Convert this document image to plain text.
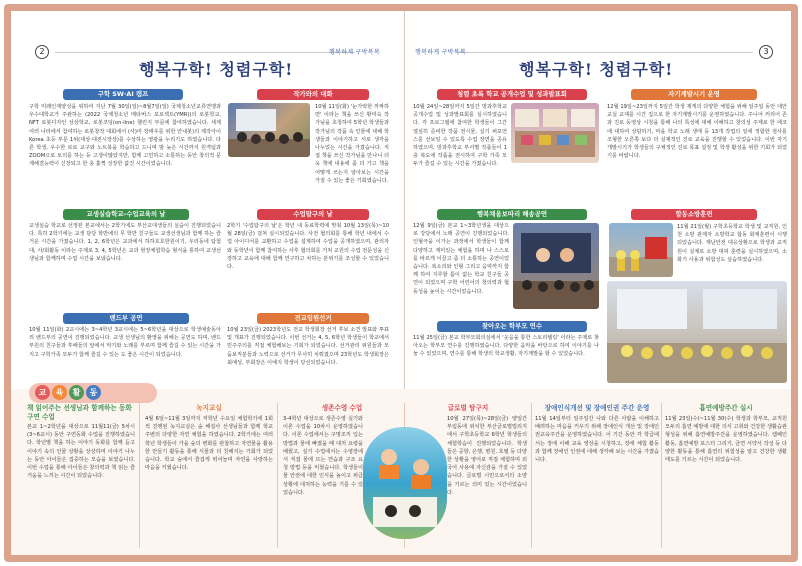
2	행복하게 구박복복
행복구학! 청렴구학!
3
행복하게 구박복복
행복구학! 청렴구학!
구학 SW·AI 캠프
구학 미래인재양성을 위하여 지난 7월 30일(일)~8월7일(일) 국제청소년교류연맹과 우수대학교가 주관하는 (2022 국제청소년 메타버스 포로젝트(YMR))의 로봇학교, NFT 로봇디자인 상상학교, 로봇코딩(on-line) 챌린지 부문에 참여하였습니다. 세계 여러 나라에서 참여하는 로봇창작 대회에서 (사)미 장애우를 위한 안내봇)의 제작아이 Korea 초등 부문 1위(대상·대전시장상)를 수상하는 영광을 누리기도 하였습니다. 다른 학생, 우수한 로로 교구와 노트북을 학습하고 드니며 밤 늦은 시간까지 원격팀과 ZOOM으로 토의를 하는 등 고생이많았지만, 함께 고민하고 소통하는 동안 창의적 문제해결능력이 신장되고 한 층 훌쩍 성장한 값진 시간이었습니다.
작가와의 대화
10월 11일(화) '눈가락한 까짜하면' 이라는 책을 쓰신 황미숙 작가님을 초청하여 5학년 학생들과 작가님의 작품 속 인물에 대해 학생들과 이야기하고 서로 생각을 나누었는 시간을 가졌습니다. 직접 책을 쓰신 작가님을 만나니 더욱 책에 내용에 좀 더 가고 책을 어떻게 쓰는지 알아보는 시간을 가질 수 있는 좋은 기회였습니다.
교생실습학교-수업교육의 날
교생실습 학교로 선정된 본교에서는 2학기에도 부산교대생들의 실습이 진행되었습니다. 특히 2학기에는 교생 담당 학반에의 무 학반 친구들도 교생선생님과 함께 하는 즐거운 시간을 가졌습니다. 1, 2, 6학년은 교과에서 하하호호한원이기, 우리동네 탐험대, 사/회활동 이라는 주제로 3, 4, 5학년은 교과 현장체험학습 형식을 통하여 교생선생님과 함께하며 수업 시간을 보냈습니다.
수업탐구의 날
2학기 '수업탐구의 날'은 학년 내 동료학력에 맞춰 10월 13일(목)~10월 28일(금) 걸쳐 실시되었습니다. 사전 협의회를 통해 학년 내에서 수업 아이디어를 교환하고 수업을 설계하여 수업을 공개하였으며, 관리자와 동학년이 함께 참여하는 사후 협의회를 거쳐 교원의 수업 전문성을 신장하고 교육에 대해 함께 연구하고 차하는 분위기를 조성할 수 있었습니다.
밴드부 공연
10월 11일(화) 2교시에는 3~4학년 3교시에는 5~6학년을 대상으로 학생예술동아리 밴드부의 공연이 진행되었습니다. 교생 선생님의 환영을 위해는 공연도 하며, 밴드부원의 친구들과 후배들의 앞에서 악기와 노래를 부르며 함께 즐길 수 있는 시간을 가지고 구학가족 모두가 함께 즐길 수 있는 도 좋은 시간이 되었습니다.
전교임원선거
10월 23일(금) 2023학년도 전교 학생회장 선거 후보 소견 발표와 투표 및 개표가 진행되었습니다. 이번 선거는 4, 5, 6학년 학생들이 학교에서 민주주의를 직접 체험해보는 기회가 되었습니다. 선거관리 위원들과 모둠보직분들과 노력으로 선거가 무사히 치뤄졌으며 23학년도 학생회장은 최예성, 부회장은 이예지 학생이 당선되었습니다.
청렴 초록 학교 공개수업 및 성과발표회
10월 24일~28일까지 5일간 방과후학교 공개수업 및 성과발표회를 실시하였습니다. 각 프로그램에 참여한 학생들이 그간 열심히 준비한 작품 전시물, 실기 퍼포먼스를 선보일 수 있도록 수업 장면을 공유하였으며, 방과후학교 부서별 작품들이 1층 복도에 작품을 전시하여 구학 가족 모두가 즐길 수 있는 시간을 가졌습니다.
자기계발시기 운영
12월 19일~23일까지 5일간 학생 제게의 다양한 체험을 위해 일주일 동안 대안 교실 교재를 시간 집으로 한 자기계발시기를 운영하였습니다. 주니어 커리어 존과 진로 동영상 시청을 통해 나의 특성에 대해 이해하고 창의성 주제로 한 에코 에 대하여 상담하기, 마을 학교 노래 생태 등 13개 작업의 일에 적합한 검사를 조형한 오른쪽 보다 더 실제적인 진로 교육을 진행할 수 있었습니다. 이번 자기개발시기가 학생들의 구체적인 진로 목표 설정 및 학생 활성을 위한 기회가 되었기를 바랍니다.
행복채움보따리 해송공연
12월 9일(금) 본교 1~3학년생을 대상으로 강당에서 노래 공연이 진행되었습니다. 인형극을 이가는 과정에서 학생들이 함께 다양하고 재미있는 체험을 하며 나 스스로를 바르게 이끌고 좀 더 소통하는 공연이었습니다. 복소리와 인형 그리고 음악까지 함께 하여 지루할 틈이 없는 학교 친구들 공연이 되었으며 구학 어린이의 창의력과 협동성을 높이는 시간이었습니다.
합동소방훈련
11월 21일(월) 구학초등학교 학생 및 교직원, 인천 소방 관계자 소방학교 합동 화재훈련이 시행되었습니다. 재난안전 대응상황으로 학생과 교직원이 실제로 소방 대피 훈련을 실시하였으며, 소화기 사용과 위험성도 실습하였습니다.
찾아오는 학부모 연수
11월 25일(금) 본교 학부모회의실에서 '웃음을 통한 스토리텔링' 이라는 주제로 찾아오는 학부모 연수를 진행하였습니다. 다양한 음악을 바탕으로 하여 이야기를 나눌 수 있었으며, 연수를 통해 학생의 학교생활, 자기계발을 할 수 있었습니다.
교	육	활	동
책 읽어주는 선생님과 함께하는 동화구연 수업
본교 1~2학년을 대상으로 11월11(금) 5차시(3~6교시) 동안 구연동화 수업을 진행하였습니다. 학년별 책을 하는 이야기 동화를 함께 듣고 이야기 속의 인물 상황을 상상하며 이야기 나누는 동안 아이들은 집중하는 모습을 보였습니다. 이번 수업을 통해 아이들은 창의력과 책 읽는 즐거움을 느끼는 시간이 되었습니다.
녹지교실
4월 6일~11월 3일까지 저학년 수요일 체험학기에 1회씩 진행된 녹지교실은 숲 해설사 선생님들과 함께 학교 주변의 다양한 자연 체험을 하였습니다. 2학기에는 여러 학년 학생들이 가을 숲의 변화를 관찰하고 자연물을 활용한 만들기 활동을 통해 식물과 더 친해지는 기회가 되었습니다. 학교 숲에서 즐겁게 뛰어놀며 자연을 사랑하는 마음을 키웠습니다.
생존수영 수업
3-4학년 대상으로 생존수영 실기와 이론 수업을 10차시 운영하였습니다. 이론 수업에서는 구명조끼 입는 방법과 물에 빠졌을 때 대처 요령을 배웠고, 실기 수업에서는 수영장에서 직접 물에 뜨는 연습과 구조 요청 방법 등을 익혔습니다. 학생들이 물 안전에 대한 인식을 높이고 위급 상황에 대처하는 능력을 기를 수 있었습니다.
글로벌 탐구지
10월 27일(목)~28일(금) 양일간 부림동에 위치한 부산글로벌빌리지에서 구학초등학교 6학년 학생들의 체험학습이 진행되었습니다. 학생들은 공항, 은행, 병원, 호텔 등 다양한 상황을 영어로 직접 체험하며 외국어 사용에 자신감을 가질 수 있었습니다. 글로벌 시민으로서의 소양을 기르는 의미 있는 시간이었습니다.
장애인식개선 및 장애인권 주간 운영
11월 14일부터 일주일간 나와 다른 사람을 이해하고 배려하는 마음을 키우기 위해 장애인식 개선 및 장애인권교육주간을 운영하였습니다. 이 기간 동안 각 학급에서는 장애 이해 교육 영상을 시청하고, 장애 체험 활동과 함께 장애인 인권에 대해 생각해 보는 시간을 가졌습니다.
흡연예방주간 실시
11월 23일(수)~11월 30(수) 학생과 학부모, 교직원 모두의 흡연 예방에 대한 의식 고취와 건강한 생활습관 형성을 위해 흡연예방주간을 운영하였습니다. 캠페인 활동, 흡연예방 포스터 그리기, 금연 서약서 작성 등 다양한 활동을 통해 흡연의 위험성을 알고 건강한 생활 태도를 기르는 시간이 되었습니다.
